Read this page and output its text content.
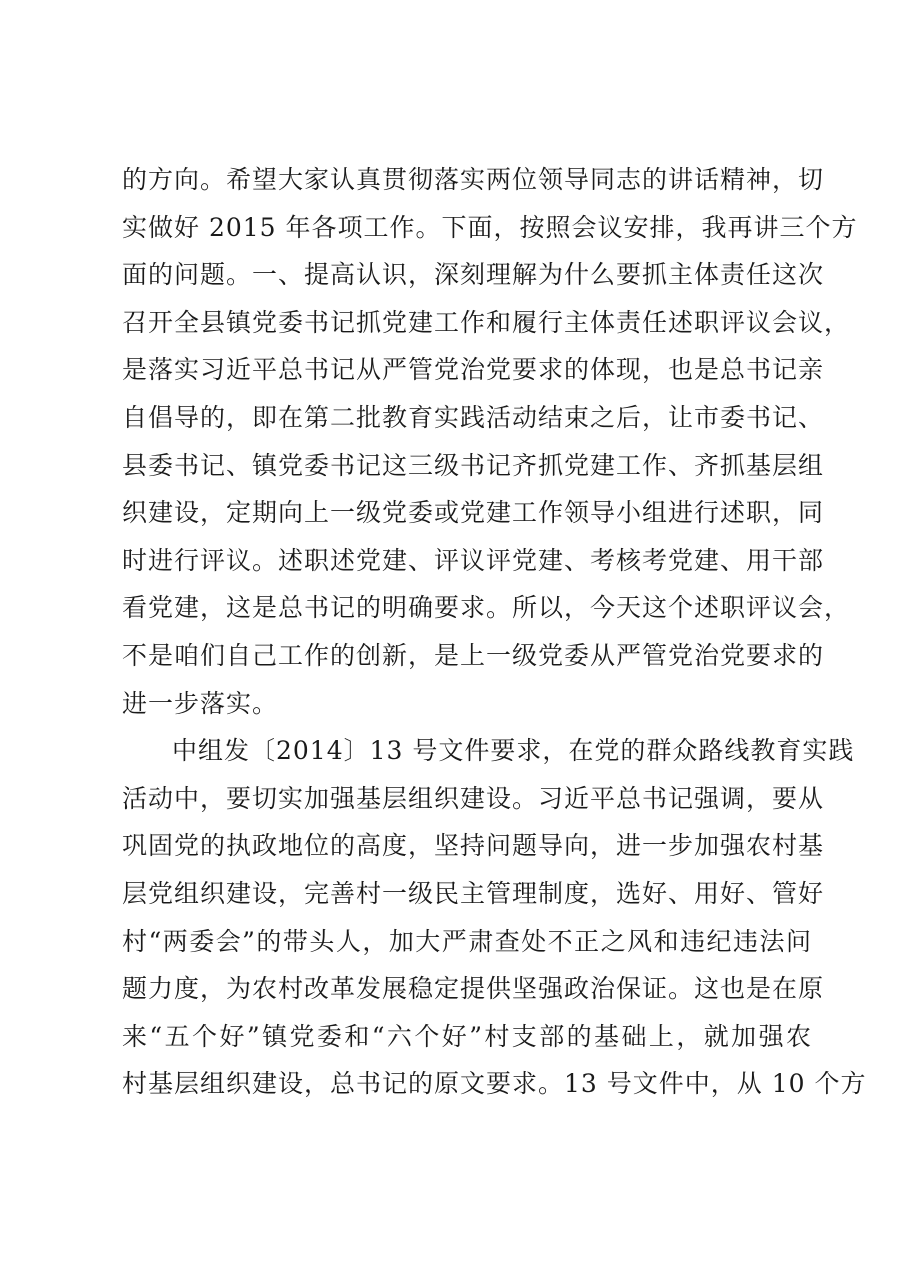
的方向。希望大家认真贯彻落实两位领导同志的讲话精神，切
实做好 2015 年各项工作。下面，按照会议安排，我再讲三个方
面的问题。一、提高认识，深刻理解为什么要抓主体责任这次
召开全县镇党委书记抓党建工作和履行主体责任述职评议会议，
是落实习近平总书记从严管党治党要求的体现，也是总书记亲
自倡导的，即在第二批教育实践活动结束之后，让市委书记、
县委书记、镇党委书记这三级书记齐抓党建工作、齐抓基层组
织建设，定期向上一级党委或党建工作领导小组进行述职，同
时进行评议。述职述党建、评议评党建、考核考党建、用干部
看党建，这是总书记的明确要求。所以，今天这个述职评议会，
不是咱们自己工作的创新，是上一级党委从严管党治党要求的
进一步落实。
中组发〔2014〕13 号文件要求，在党的群众路线教育实践
活动中，要切实加强基层组织建设。习近平总书记强调，要从
巩固党的执政地位的高度，坚持问题导向，进一步加强农村基
层党组织建设，完善村一级民主管理制度，选好、用好、管好
村“两委会”的带头人，加大严肃查处不正之风和违纪违法问
题力度，为农村改革发展稳定提供坚强政治保证。这也是在原
来“五个好”镇党委和“六个好”村支部的基础上，就加强农
村基层组织建设，总书记的原文要求。13 号文件中，从 10 个方
